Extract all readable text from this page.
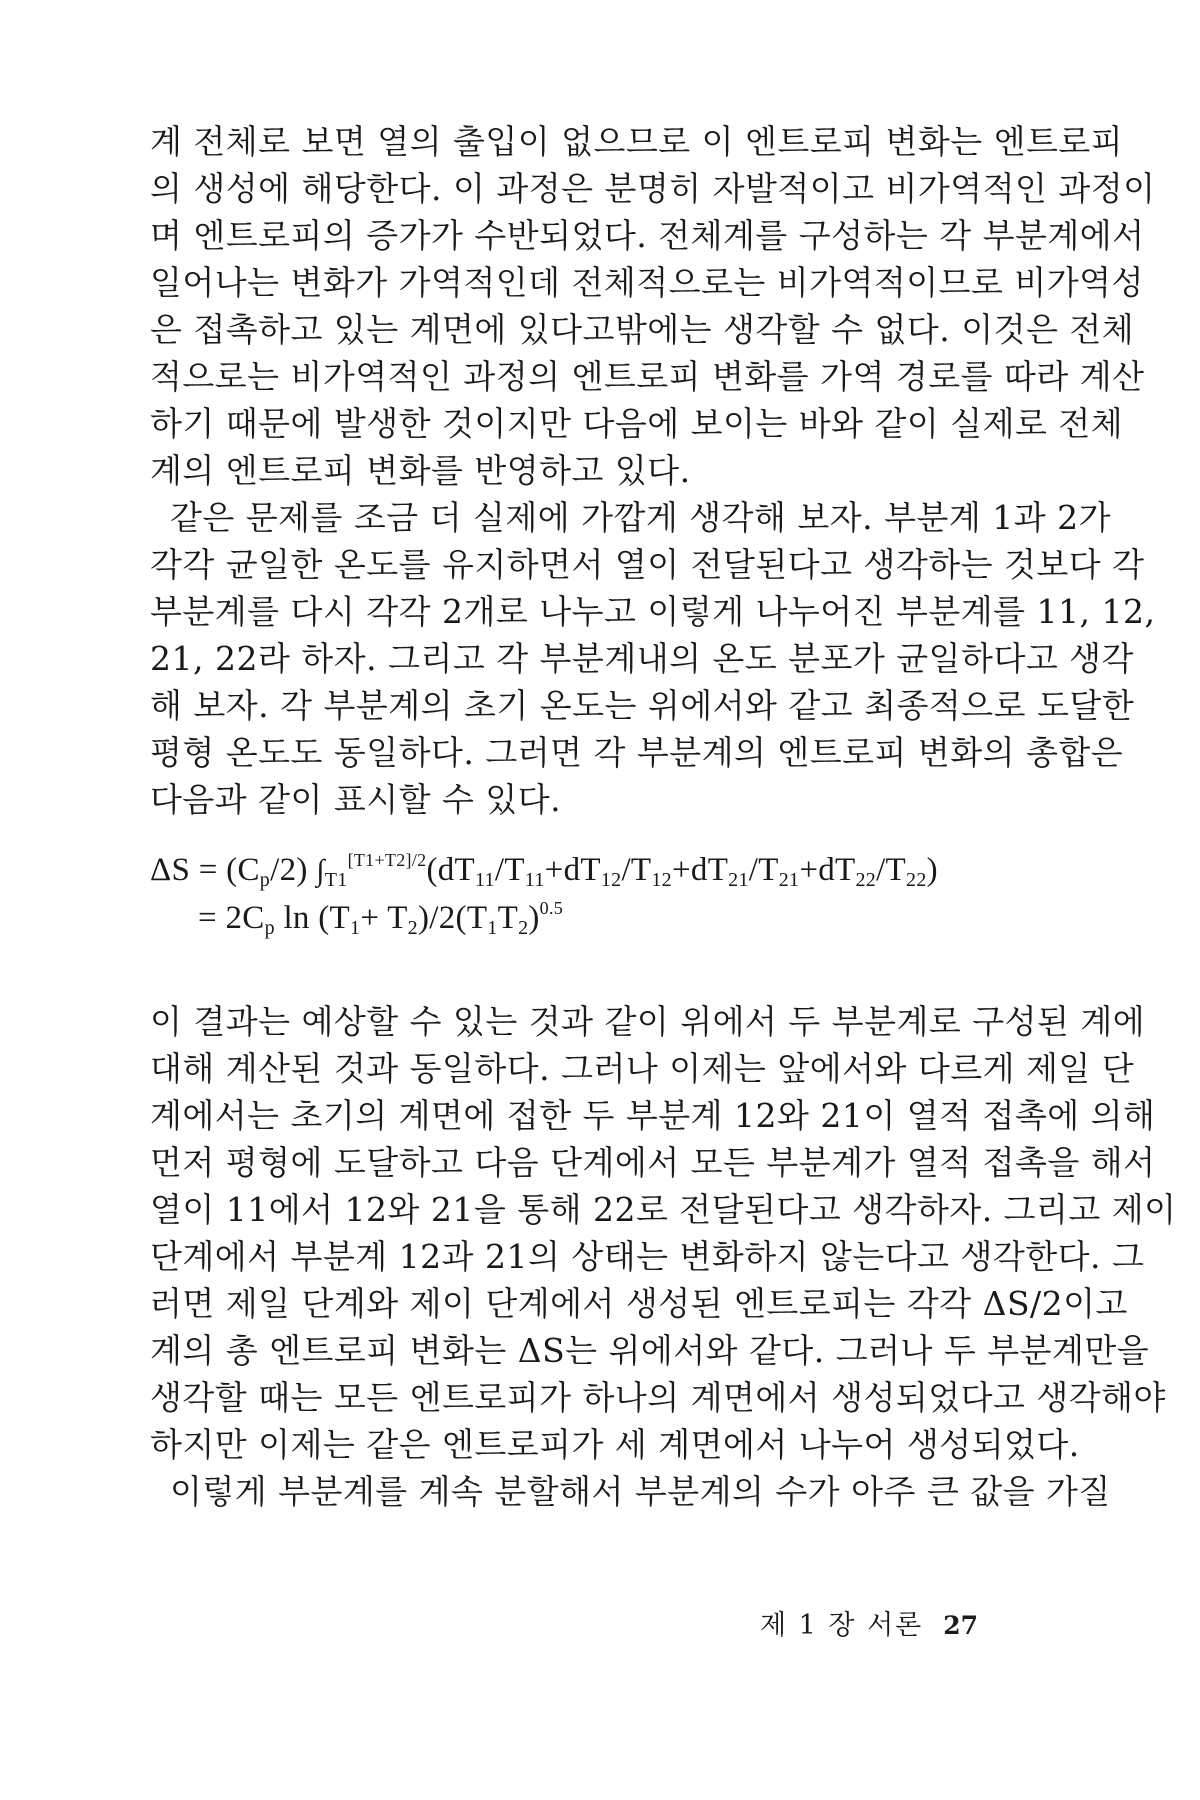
계 전체로 보면 열의 출입이 없으므로 이 엔트로피 변화는 엔트로피
의 생성에 해당한다. 이 과정은 분명히 자발적이고 비가역적인 과정이
며 엔트로피의 증가가 수반되었다. 전체계를 구성하는 각 부분계에서
일어나는 변화가 가역적인데 전체적으로는 비가역적이므로 비가역성
은 접촉하고 있는 계면에 있다고밖에는 생각할 수 없다. 이것은 전체
적으로는 비가역적인 과정의 엔트로피 변화를 가역 경로를 따라 계산
하기 때문에 발생한 것이지만 다음에 보이는 바와 같이 실제로 전체
계의 엔트로피 변화를 반영하고 있다.
같은 문제를 조금 더 실제에 가깝게 생각해 보자. 부분계 1과 2가
각각 균일한 온도를 유지하면서 열이 전달된다고 생각하는 것보다 각
부분계를 다시 각각 2개로 나누고 이렇게 나누어진 부분계를 11, 12,
21, 22라 하자. 그리고 각 부분계내의 온도 분포가 균일하다고 생각
해 보자. 각 부분계의 초기 온도는 위에서와 같고 최종적으로 도달한
평형 온도도 동일하다. 그러면 각 부분계의 엔트로피 변화의 총합은
다음과 같이 표시할 수 있다.
$\Delta S = (C_p/2)$ $\int_{T1}^{[T1+T2]/2}(dT_{11}/T_{11}+dT_{12}/T_{12}+dT_{21}/T_{21}+dT_{22}/T_{22})$
= $2C_p$ $\ln (T_1+ T_2)/2(T_1T_2)^{0.5}$
이 결과는 예상할 수 있는 것과 같이 위에서 두 부분계로 구성된 계에
대해 계산된 것과 동일하다. 그러나 이제는 앞에서와 다르게 제일 단
계에서는 초기의 계면에 접한 두 부분계 12와 21이 열적 접촉에 의해
먼저 평형에 도달하고 다음 단계에서 모든 부분계가 열적 접촉을 해서
열이 11에서 12와 21을 통해 22로 전달된다고 생각하자. 그리고 제이
단계에서 부분계 12과 21의 상태는 변화하지 않는다고 생각한다. 그
러면 제일 단계와 제이 단계에서 생성된 엔트로피는 각각 ΔS/2이고
계의 총 엔트로피 변화는 ΔS는 위에서와 같다. 그러나 두 부분계만을
생각할 때는 모든 엔트로피가 하나의 계면에서 생성되었다고 생각해야
하지만 이제는 같은 엔트로피가 세 계면에서 나누어 생성되었다.
이렇게 부분계를 계속 분할해서 부분계의 수가 아주 큰 값을 가질
제 1 장 서론 27
